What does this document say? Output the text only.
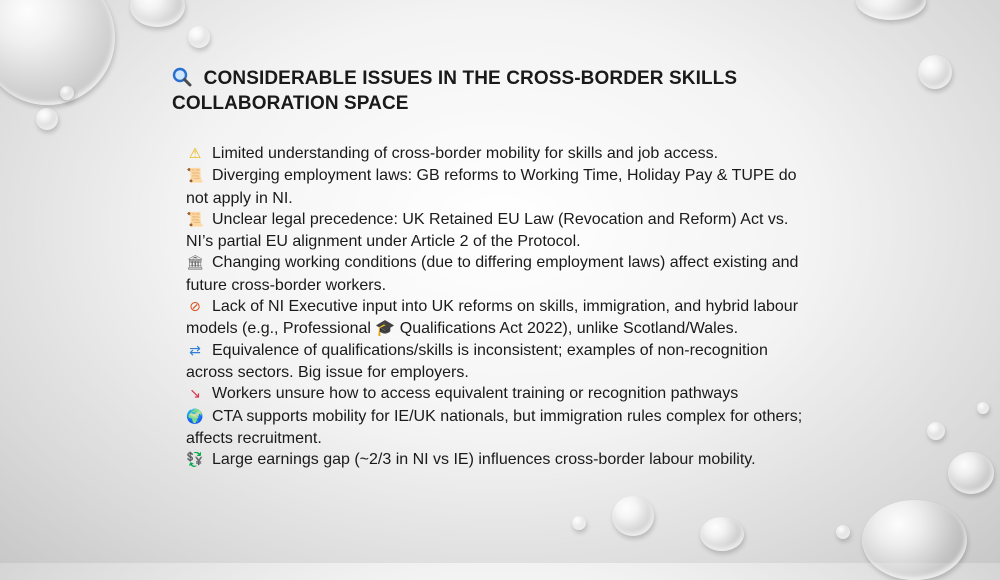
CONSIDERABLE ISSUES IN THE CROSS-BORDER SKILLS COLLABORATION SPACE

⚠ Limited understanding of cross-border mobility for skills and job access.

📜 Diverging employment laws: GB reforms to Working Time, Holiday Pay & TUPE do not apply in NI.

📜 Unclear legal precedence: UK Retained EU Law (Revocation and Reform) Act vs. NI’s partial EU alignment under Article 2 of the Protocol.

🏛 Changing working conditions (due to differing employment laws) affect existing and future cross-border workers.

⊘ Lack of NI Executive input into UK reforms on skills, immigration, and hybrid labour models (e.g., Professional 🎓 Qualifications Act 2022), unlike Scotland/Wales.

⇄ Equivalence of qualifications/skills is inconsistent; examples of non-recognition across sectors. Big issue for employers.

↘ Workers unsure how to access equivalent training or recognition pathways

🌍 CTA supports mobility for IE/UK nationals, but immigration rules complex for others; affects recruitment.

💱 Large earnings gap (~2/3 in NI vs IE) influences cross-border labour mobility.
